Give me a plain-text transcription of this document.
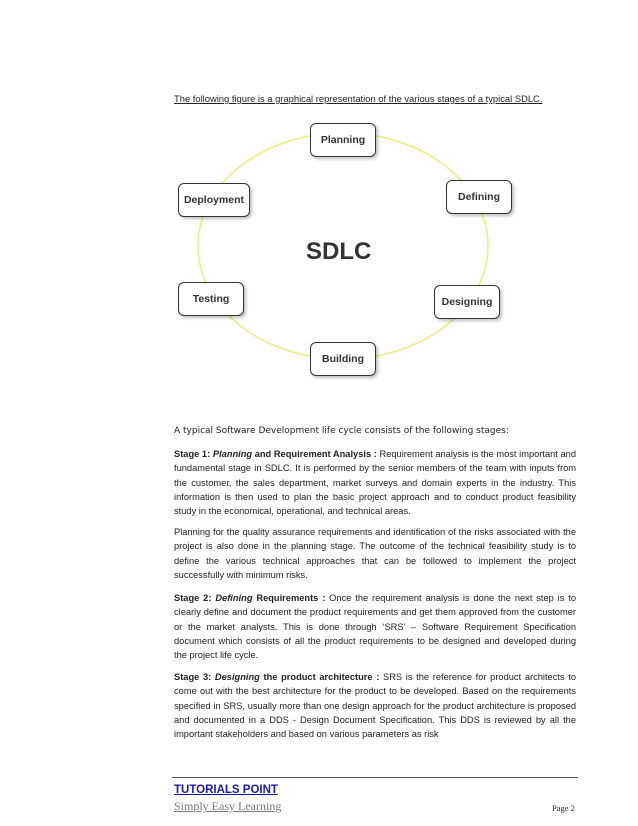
The following figure is a graphical representation of the various stages of a typical SDLC.
SDLC
Planning
Defining
Designing
Building
Testing
Deployment
A typical Software Development life cycle consists of the following stages:
Stage 1: Planning and Requirement Analysis : Requirement analysis is the most important and fundamental stage in SDLC. It is performed by the senior members of the team with inputs from the customer, the sales department, market surveys and domain experts in the industry. This information is then used to plan the basic project approach and to conduct product feasibility study in the economical, operational, and technical areas.
Planning for the quality assurance requirements and identification of the risks associated with the project is also done in the planning stage. The outcome of the technical feasibility study is to define the various technical approaches that can be followed to implement the project successfully with minimum risks.
Stage 2: Defining Requirements : Once the requirement analysis is done the next step is to clearly define and document the product requirements and get them approved from the customer or the market analysts. This is done through ‘SRS’ – Software Requirement Specification document which consists of all the product requirements to be designed and developed during the project life cycle.
Stage 3: Designing the product architecture : SRS is the reference for product architects to come out with the best architecture for the product to be developed. Based on the requirements specified in SRS, usually more than one design approach for the product architecture is proposed and documented in a DDS - Design Document Specification. This DDS is reviewed by all the important stakeholders and based on various parameters as risk
TUTORIALS POINT
Simply Easy Learning	Page 2
